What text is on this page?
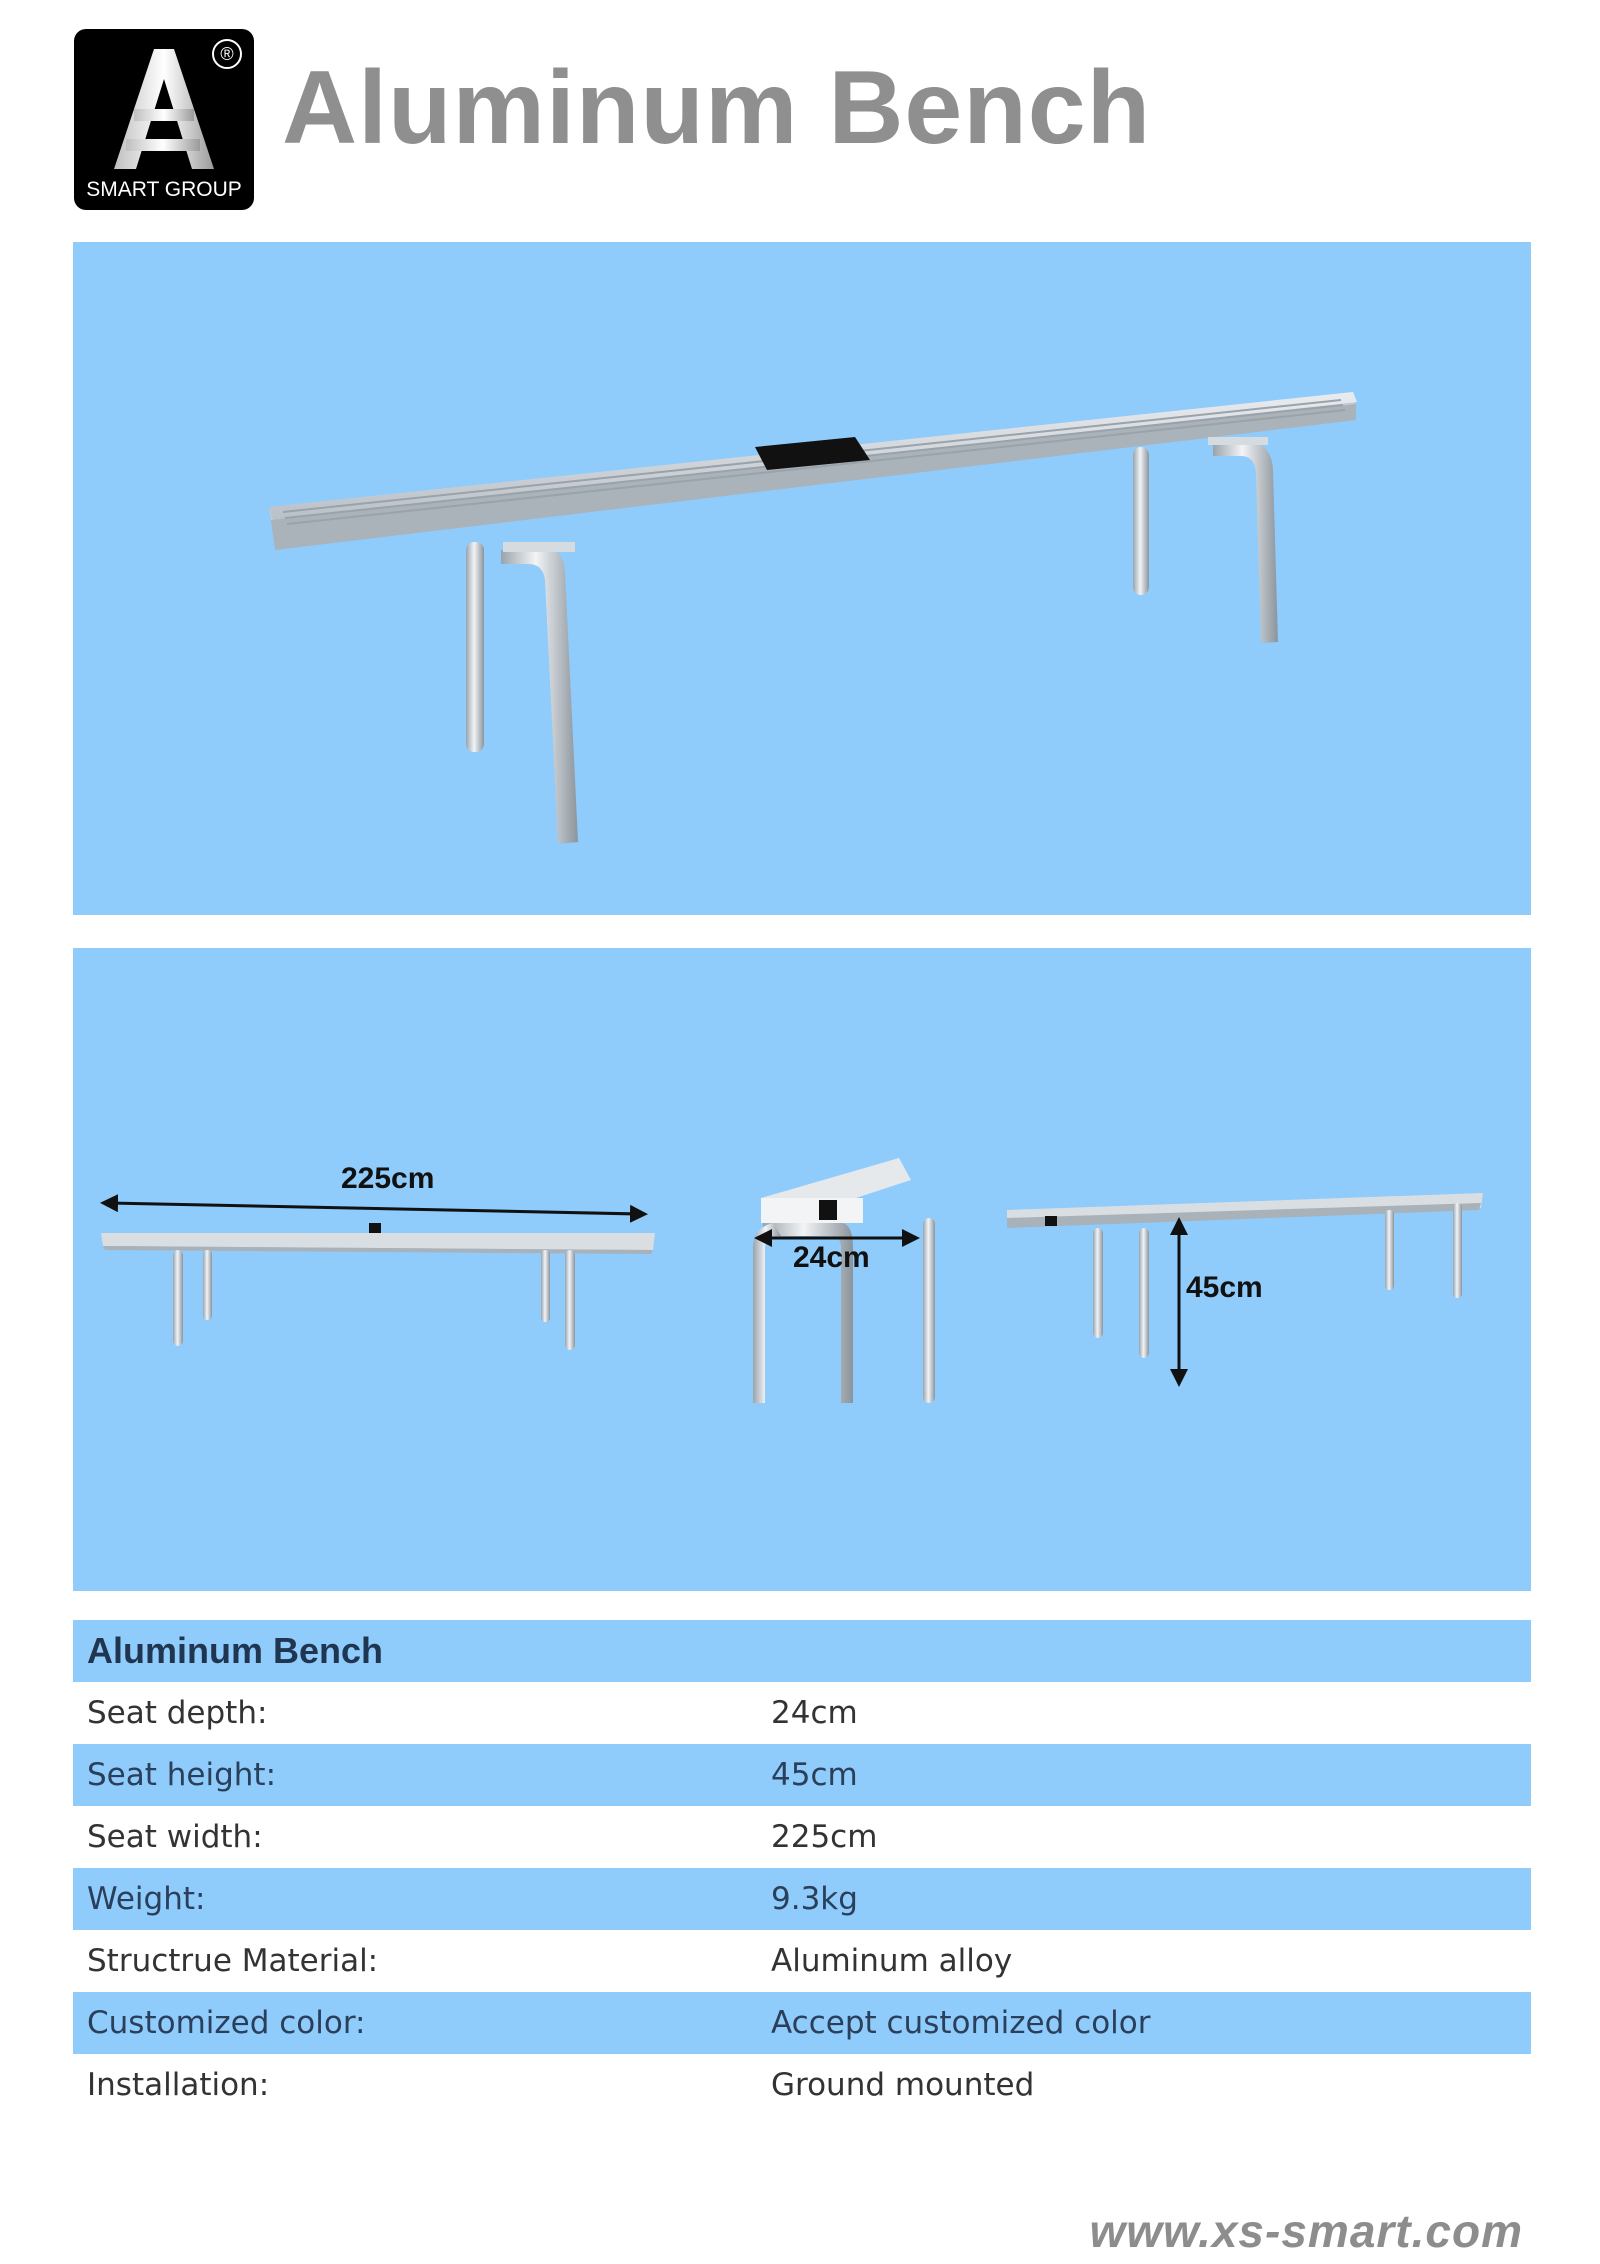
®
SMART GROUP
Aluminum Bench
225cm
24cm
45cm
Aluminum Bench
Seat depth:	24cm
Seat height:	45cm
Seat width:	225cm
Weight:	9.3kg
Structrue Material:	Aluminum alloy
Customized color:	Accept customized color
Installation:	Ground mounted
www.xs-smart.com
